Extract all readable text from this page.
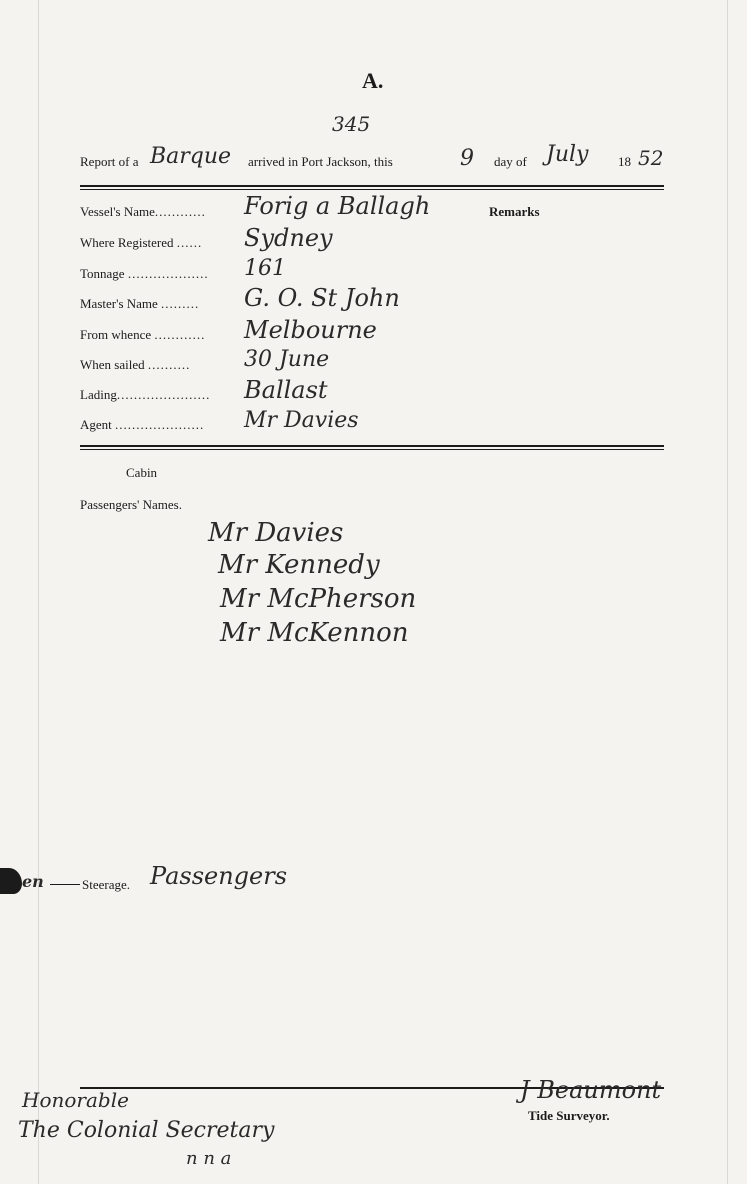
A.
345
Report of a Barque arrived in Port Jackson, this	9 day of July 18 52
Vessel's Name............ Forig a Ballagh
Where Registered ...... Sydney
Tonnage ................... 161
Master's Name ......... G. O. St John
From whence ............ Melbourne
When sailed .......... 30 June
Lading...................... Ballast
Agent ..................... Mr Davies
Remarks
Cabin
Passengers' Names.
Mr Davies
Mr Kennedy
Mr McPherson
Mr McKennon
en	Steerage. Passengers
Honorable
The Colonial Secretary
n n a
J Beaumont
Tide Surveyor.
